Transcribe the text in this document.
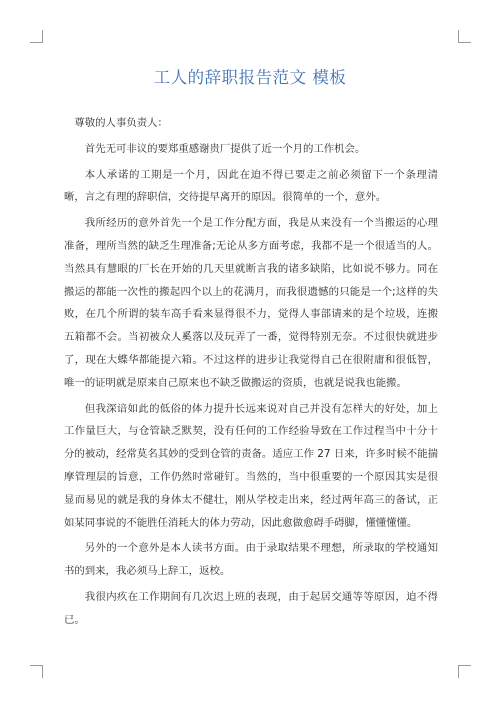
工人的辞职报告范文 模板

尊敬的人事负责人：

首先无可非议的要郑重感谢贵厂提供了近一个月的工作机会。

本人承诺的工期是一个月，因此在迫不得已要走之前必须留下一个条理清晰，言之有理的辞职信，交待提早离开的原因。很简单的一个，意外。

我所经历的意外首先一个是工作分配方面，我是从来没有一个当搬运的心理准备，理所当然的缺乏生理准备;无论从多方面考虑，我都不是一个很适当的人。当然具有慧眼的厂长在开始的几天里就断言我的诸多缺陷，比如说不够力。同在搬运的都能一次性的搬起四个以上的花满月，而我很遗憾的只能是一个;这样的失败，在几个所谓的装车高手看来显得很不力，觉得人事部请来的是个垃圾，连搬五箱都不会。当初被众人奚落以及玩弄了一番，觉得特别无奈。不过很快就进步了，现在大蝶华都能提六箱。不过这样的进步让我觉得自己在很附庸和很低智，唯一的证明就是原来自己原来也不缺乏做搬运的资质，也就是说我也能搬。

但我深谙如此的低俗的体力提升长远来说对自己并没有怎样大的好处，加上工作量巨大，与仓管缺乏默契，没有任何的工作经验导致在工作过程当中十分十分的被动，经常莫名其妙的受到仓管的责备。适应工作 27 日来，许多时候不能揣摩管理层的旨意，工作仍然时常碰钉。当然的，当中很重要的一个原因其实是很显而易见的就是我的身体太不健壮，刚从学校走出来，经过两年高三的备试，正如某同事说的不能胜任消耗大的体力劳动，因此愈做愈碍手碍脚，懂懂懂懂。

另外的一个意外是本人读书方面。由于录取结果不理想，所录取的学校通知书的到来，我必须马上辞工，返校。

我很内疚在工作期间有几次迟上班的表现，由于起居交通等等原因，迫不得已。
